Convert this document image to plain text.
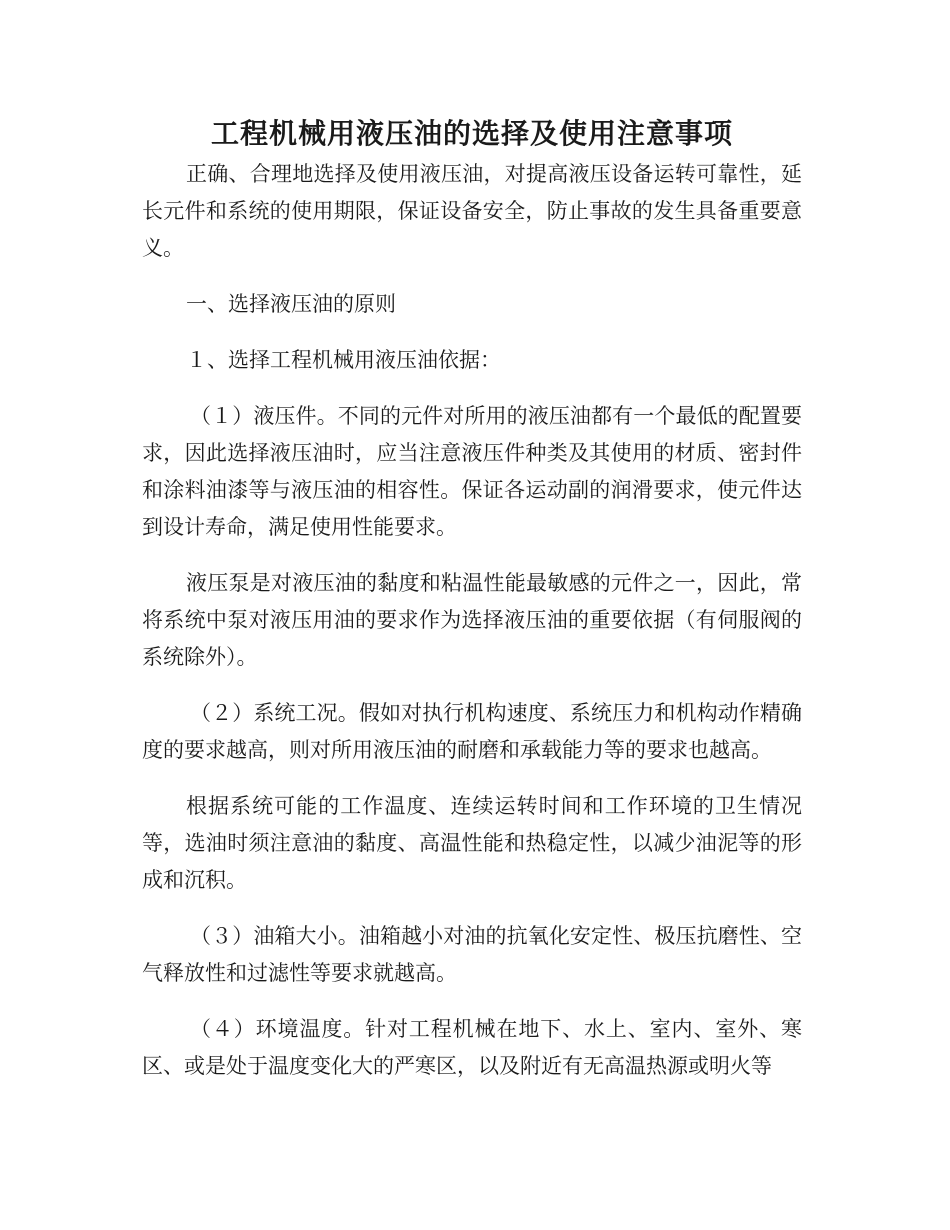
工程机械用液压油的选择及使用注意事项

正确、合理地选择及使用液压油，对提高液压设备运转可靠性，延长元件和系统的使用期限，保证设备安全，防止事故的发生具备重要意义。

一、选择液压油的原则

１、选择工程机械用液压油依据：

（１）液压件。不同的元件对所用的液压油都有一个最低的配置要求，因此选择液压油时，应当注意液压件种类及其使用的材质、密封件和涂料油漆等与液压油的相容性。保证各运动副的润滑要求，使元件达到设计寿命，满足使用性能要求。

液压泵是对液压油的黏度和粘温性能最敏感的元件之一，因此，常将系统中泵对液压用油的要求作为选择液压油的重要依据（有伺服阀的系统除外）。

（２）系统工况。假如对执行机构速度、系统压力和机构动作精确度的要求越高，则对所用液压油的耐磨和承载能力等的要求也越高。

根据系统可能的工作温度、连续运转时间和工作环境的卫生情况等，选油时须注意油的黏度、高温性能和热稳定性，以减少油泥等的形成和沉积。

（３）油箱大小。油箱越小对油的抗氧化安定性、极压抗磨性、空气释放性和过滤性等要求就越高。

（４）环境温度。针对工程机械在地下、水上、室内、室外、寒区、或是处于温度变化大的严寒区，以及附近有无高温热源或明火等
